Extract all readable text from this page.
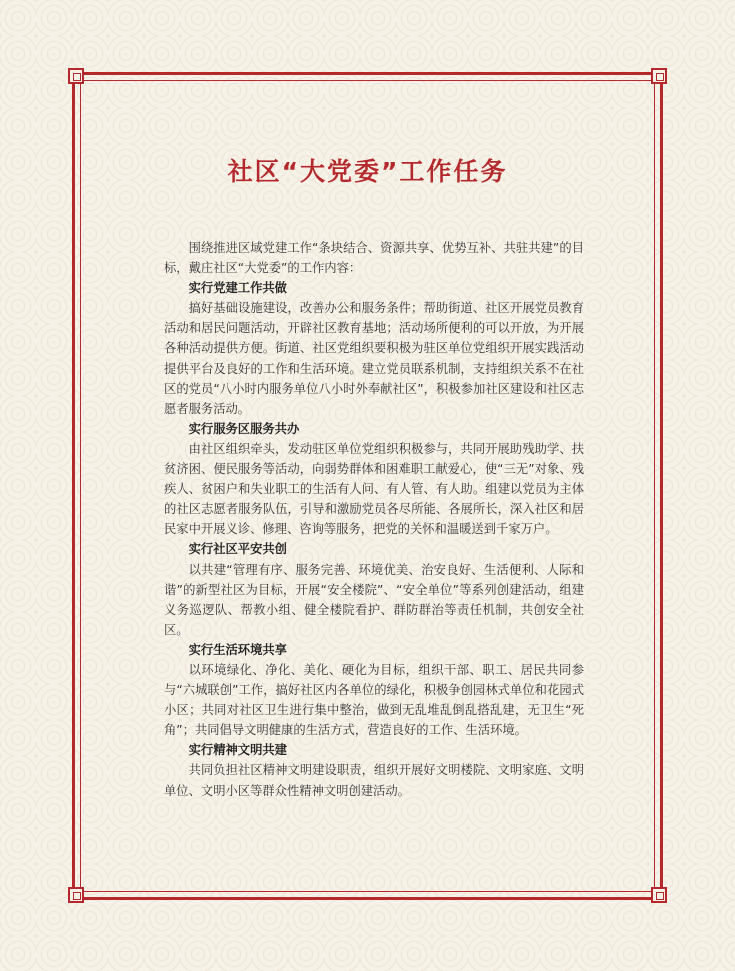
社区“大党委”工作任务

围绕推进区域党建工作“条块结合、资源共享、优势互补、共驻共建”的目标，戴庄社区“大党委”的工作内容：

实行党建工作共做

搞好基础设施建设，改善办公和服务条件；帮助街道、社区开展党员教育活动和居民问题活动，开辟社区教育基地；活动场所便利的可以开放，为开展各种活动提供方便。街道、社区党组织要积极为驻区单位党组织开展实践活动提供平台及良好的工作和生活环境。建立党员联系机制，支持组织关系不在社区的党员“八小时内服务单位八小时外奉献社区”，积极参加社区建设和社区志愿者服务活动。

实行服务区服务共办

由社区组织牵头，发动驻区单位党组织积极参与，共同开展助残助学、扶贫济困、便民服务等活动，向弱势群体和困难职工献爱心，使“三无”对象、残疾人、贫困户和失业职工的生活有人问、有人管、有人助。组建以党员为主体的社区志愿者服务队伍，引导和激励党员各尽所能、各展所长，深入社区和居民家中开展义诊、修理、咨询等服务，把党的关怀和温暖送到千家万户。

实行社区平安共创

以共建“管理有序、服务完善、环境优美、治安良好、生活便利、人际和谐”的新型社区为目标，开展“安全楼院”、“安全单位”等系列创建活动，组建义务巡逻队、帮教小组、健全楼院看护、群防群治等责任机制，共创安全社区。

实行生活环境共享

以环境绿化、净化、美化、硬化为目标，组织干部、职工、居民共同参与“六城联创”工作，搞好社区内各单位的绿化，积极争创园林式单位和花园式小区；共同对社区卫生进行集中整治，做到无乱堆乱倒乱搭乱建，无卫生“死角”；共同倡导文明健康的生活方式，营造良好的工作、生活环境。

实行精神文明共建

共同负担社区精神文明建设职责，组织开展好文明楼院、文明家庭、文明单位、文明小区等群众性精神文明创建活动。
